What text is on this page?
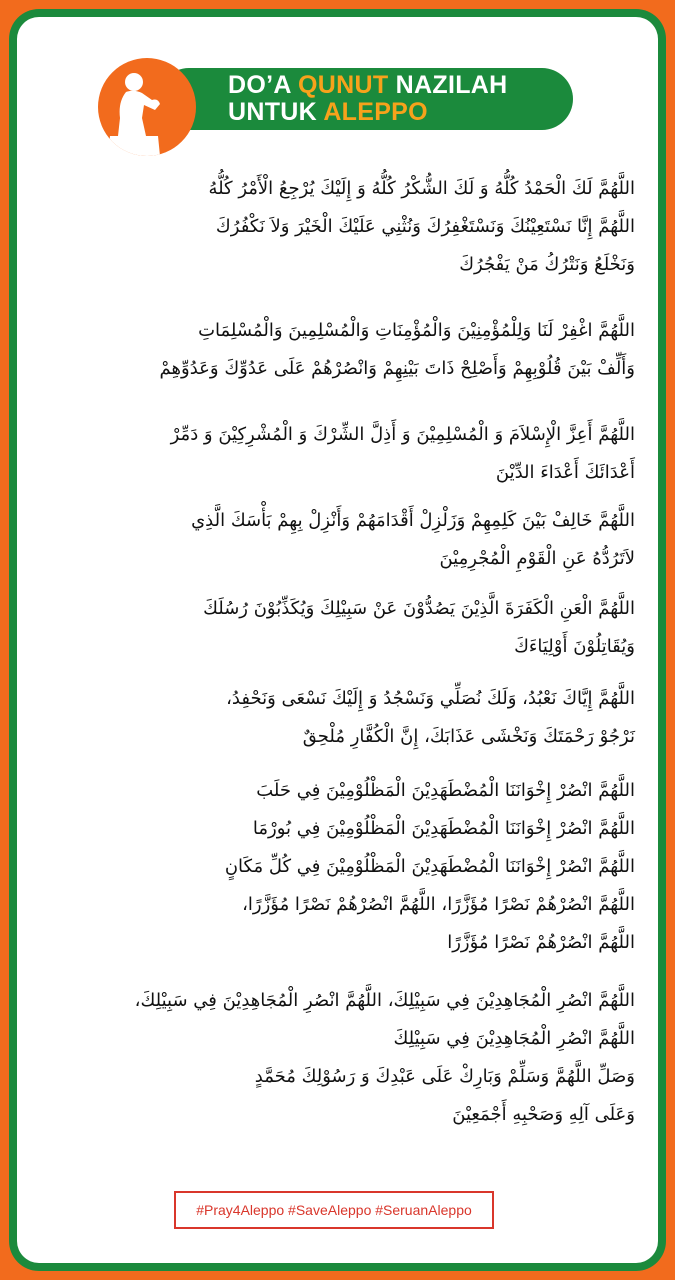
DO’A QUNUT NAZILAH
UNTUK ALEPPO
اللَّهُمَّ لَكَ الْحَمْدُ كُلُّهُ وَ لَكَ الشُّكْرُ كُلُّهُ وَ إِلَيْكَ يُرْجِعُ الْأَمْرُ كُلُّهُ
اللَّهُمَّ إِنَّا نَسْتَعِيْنُكَ وَنَسْتَغْفِرُكَ وَنُثْنِي عَلَيْكَ الْخَيْرَ وَلاَ نَكْفُرُكَ
وَنَخْلَعُ وَنَتْرُكُ مَنْ يَفْجُرُكَ
اللَّهُمَّ اغْفِرْ لَنَا وَلِلْمُؤْمِنِيْنَ وَالْمُؤْمِنَاتِ وَالْمُسْلِمِينَ وَالْمُسْلِمَاتِ
وَأَلِّفْ بَيْنَ قُلُوْبِهِمْ وَأَصْلِحْ ذَاتَ بَيْنِهِمْ وَانْصُرْهُمْ عَلَى عَدُوِّكَ وَعَدُوِّهِمْ
اللَّهُمَّ أَعِزَّ الْإِسْلاَمَ وَ الْمُسْلِمِيْنَ وَ أَذِلَّ الشِّرْكَ وَ الْمُشْرِكِيْنَ وَ دَمِّرْ
أَعْدَائَكَ أَعْدَاءَ الدِّيْنَ
اللَّهُمَّ خَالِفْ بَيْنَ كَلِمِهِمْ وَزَلْزِلْ أَقْدَامَهُمْ وَأَنْزِلْ بِهِمْ بَأْسَكَ الَّذِي
لاَتَرُدُّهُ عَنِ الْقَوْمِ الْمُجْرِمِيْنَ
اللَّهُمَّ الْعَنِ الْكَفَرَةَ الَّذِيْنَ يَصُدُّوْنَ عَنْ سَبِيْلِكَ وَيُكَذِّبُوْنَ رُسُلَكَ
وَيُقَاتِلُوْنَ أَوْلِيَاءَكَ
اللَّهُمَّ إِيَّاكَ نَعْبُدُ، وَلَكَ نُصَلِّي وَنَسْجُدُ وَ إِلَيْكَ نَسْعَى وَنَحْفِدُ،
نَرْجُوْ رَحْمَتَكَ وَنَخْشَى عَذَابَكَ، إِنَّ الْكُفَّارِ مُلْحِقٌ
اللَّهُمَّ انْصُرْ إِخْوَانَنَا الْمُضْطَهَدِيْنَ الْمَظْلُوْمِيْنَ فِي حَلَبَ
اللَّهُمَّ انْصُرْ إِخْوَانَنَا الْمُضْطَهَدِيْنَ الْمَظْلُوْمِيْنَ فِي بُورْمَا
اللَّهُمَّ انْصُرْ إِخْوَانَنَا الْمُضْطَهَدِيْنَ الْمَظْلُوْمِيْنَ فِي كُلِّ مَكَانٍ
اللَّهُمَّ انْصُرْهُمْ نَصْرًا مُؤَزَّرًا، اللَّهُمَّ انْصُرْهُمْ نَصْرًا مُؤَزَّرًا،
اللَّهُمَّ انْصُرْهُمْ نَصْرًا مُؤَزَّرًا
اللَّهُمَّ انْصُرِ الْمُجَاهِدِيْنَ فِي سَبِيْلِكَ، اللَّهُمَّ انْصُرِ الْمُجَاهِدِيْنَ فِي سَبِيْلِكَ،
اللَّهُمَّ انْصُرِ الْمُجَاهِدِيْنَ فِي سَبِيْلِكَ
وَصَلِّ اللَّهُمَّ وَسَلِّمْ وَبَارِكْ عَلَى عَبْدِكَ وَ رَسُوْلِكَ مُحَمَّدٍ
وَعَلَى آلِهِ وَصَحْبِهِ أَجْمَعِيْنَ
#Pray4Aleppo #SaveAleppo #SeruanAleppo
